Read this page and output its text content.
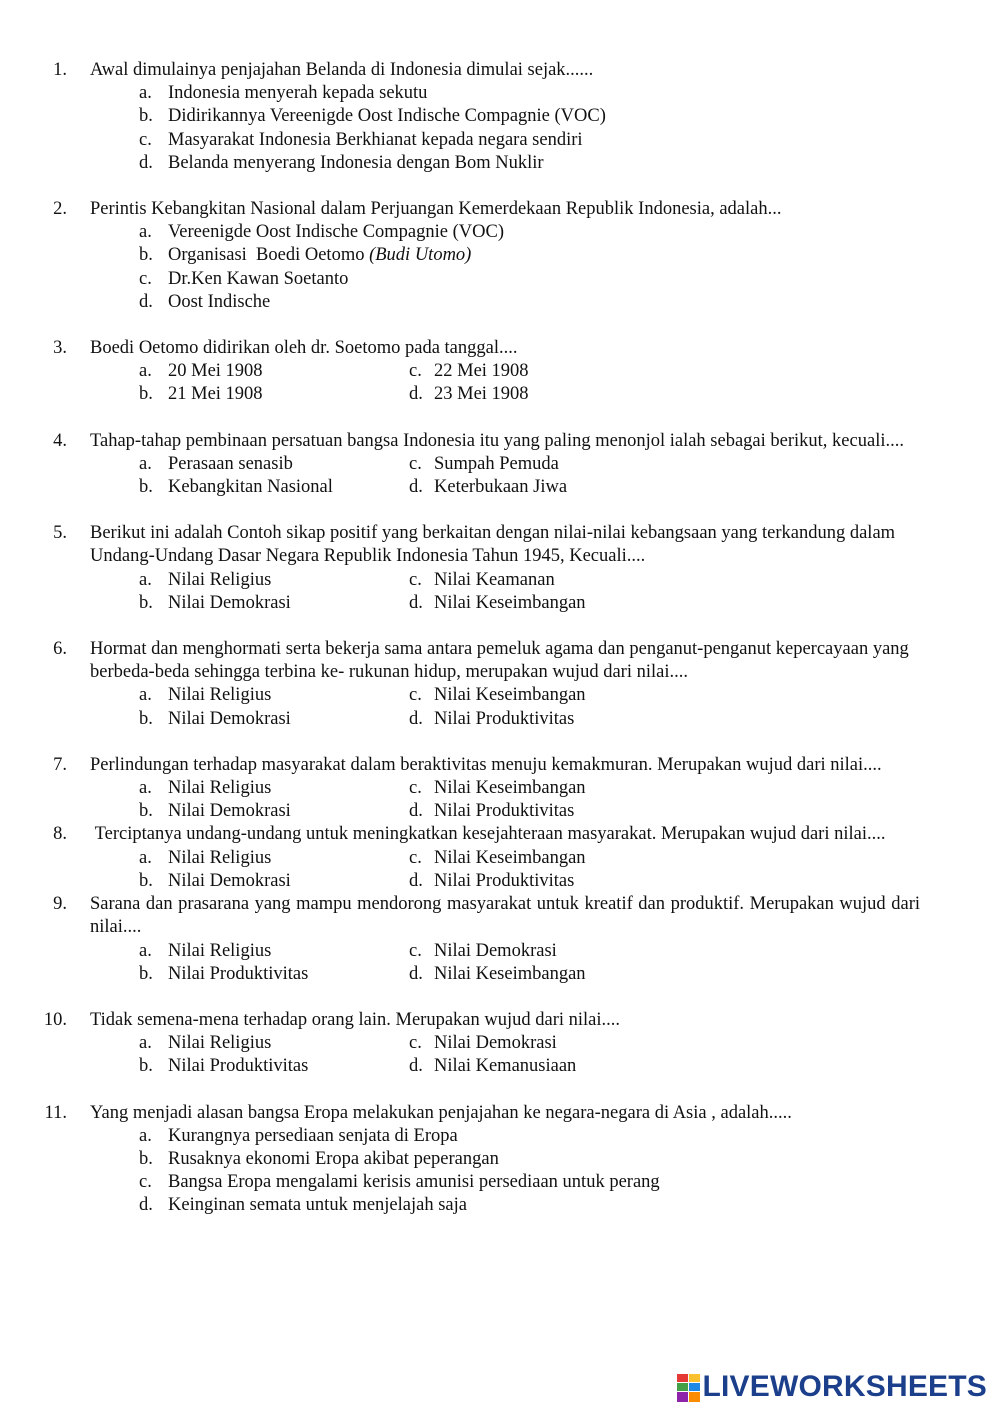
1. Awal dimulainya penjajahan Belanda di Indonesia dimulai sejak......
a. Indonesia menyerah kepada sekutu
b. Didirikannya Vereenigde Oost Indische Compagnie (VOC)
c. Masyarakat Indonesia Berkhianat kepada negara sendiri
d. Belanda menyerang Indonesia dengan Bom Nuklir
2. Perintis Kebangkitan Nasional dalam Perjuangan Kemerdekaan Republik Indonesia, adalah...
a. Vereenigde Oost Indische Compagnie (VOC)
b. Organisasi  Boedi Oetomo (Budi Utomo)
c. Dr.Ken Kawan Soetanto
d. Oost Indische
3. Boedi Oetomo didirikan oleh dr. Soetomo pada tanggal....
a. 20 Mei 1908	c. 22 Mei 1908
b. 21 Mei 1908	d. 23 Mei 1908
4. Tahap-tahap pembinaan persatuan bangsa Indonesia itu yang paling menonjol ialah sebagai berikut, kecuali....
a. Perasaan senasib	c. Sumpah Pemuda
b. Kebangkitan Nasional	d. Keterbukaan Jiwa
5. Berikut ini adalah Contoh sikap positif yang berkaitan dengan nilai-nilai kebangsaan yang terkandung dalam Undang-Undang Dasar Negara Republik Indonesia Tahun 1945, Kecuali....
a. Nilai Religius	c. Nilai Keamanan
b. Nilai Demokrasi	d. Nilai Keseimbangan
6. Hormat dan menghormati serta bekerja sama antara pemeluk agama dan penganut-penganut kepercayaan yang berbeda-beda sehingga terbina ke- rukunan hidup, merupakan wujud dari nilai....
a. Nilai Religius	c. Nilai Keseimbangan
b. Nilai Demokrasi	d. Nilai Produktivitas
7. Perlindungan terhadap masyarakat dalam beraktivitas menuju kemakmuran. Merupakan wujud dari nilai....
a. Nilai Religius	c. Nilai Keseimbangan
b. Nilai Demokrasi	d. Nilai Produktivitas
8. Terciptanya undang-undang untuk meningkatkan kesejahteraan masyarakat. Merupakan wujud dari nilai....
a. Nilai Religius	c. Nilai Keseimbangan
b. Nilai Demokrasi	d. Nilai Produktivitas
9. Sarana dan prasarana yang mampu mendorong masyarakat untuk kreatif dan produktif. Merupakan wujud dari nilai....
a. Nilai Religius	c. Nilai Demokrasi
b. Nilai Produktivitas	d. Nilai Keseimbangan
10. Tidak semena-mena terhadap orang lain. Merupakan wujud dari nilai....
a. Nilai Religius	c. Nilai Demokrasi
b. Nilai Produktivitas	d. Nilai Kemanusiaan
11. Yang menjadi alasan bangsa Eropa melakukan penjajahan ke negara-negara di Asia , adalah.....
a. Kurangnya persediaan senjata di Eropa
b. Rusaknya ekonomi Eropa akibat peperangan
c. Bangsa Eropa mengalami kerisis amunisi persediaan untuk perang
d. Keinginan semata untuk menjelajah saja
LIVEWORKSHEETS
